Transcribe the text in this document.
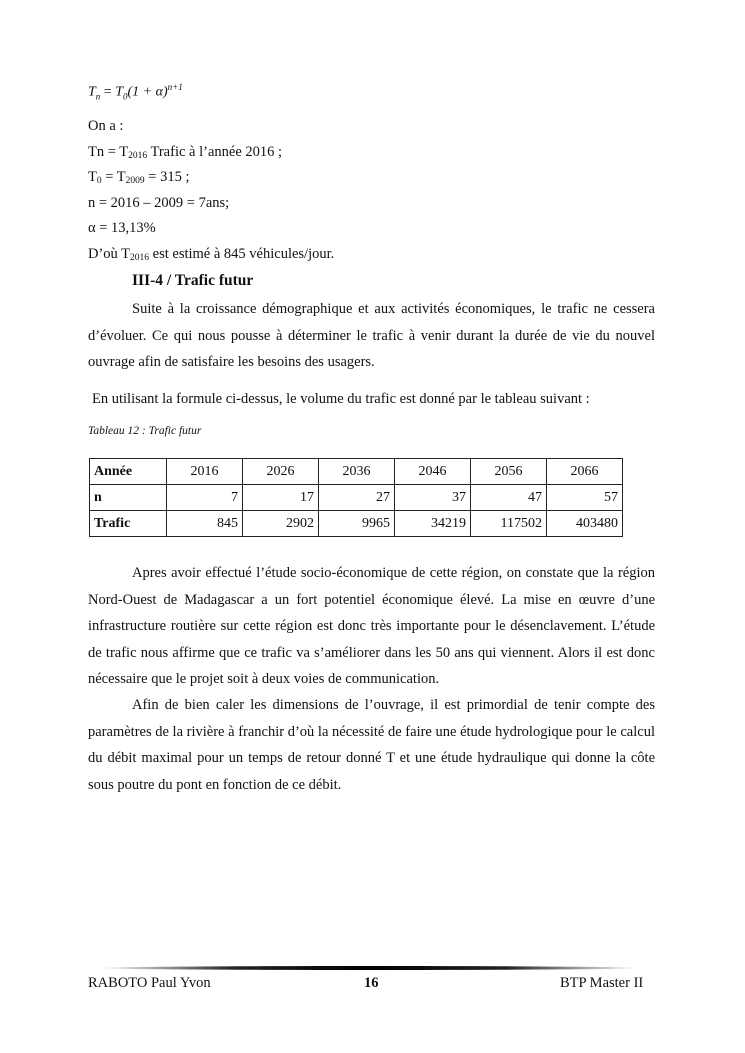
$T_n = T_0(1 + \alpha)^{n+1}$
On a :
$Tn = T_{2016}$ Trafic à l’année 2016 ;
$T_0 = T_{2009} = 315$ ;
n = 2016 – 2009 = 7ans;
α = 13,13%
D’où $T_{2016}$ est estimé à 845 véhicules/jour.
III-4 / Trafic futur

Suite à la croissance démographique et aux activités économiques, le trafic ne cessera d’évoluer. Ce qui nous pousse à déterminer le trafic à venir durant la durée de vie du nouvel ouvrage afin de satisfaire les besoins des usagers.

En utilisant la formule ci-dessus, le volume du trafic est donné par le tableau suivant :
Tableau 12 : Trafic futur
Année	2016	2026	2036	2046	2056	2066
n	7	17	27	37	47	57
Trafic	845	2902	9965	34219	117502	403480

Apres avoir effectué l’étude socio-économique de cette région, on constate que la région Nord-Ouest de Madagascar a un fort potentiel économique élevé. La mise en œuvre d’une infrastructure routière sur cette région est donc très importante pour le désenclavement. L’étude de trafic nous affirme que ce trafic va s’améliorer dans les 50 ans qui viennent. Alors il est donc nécessaire que le projet soit à deux voies de communication.

Afin de bien caler les dimensions de l’ouvrage, il est primordial de tenir compte des paramètres de la rivière à franchir d’où la nécessité de faire une étude hydrologique pour le calcul du débit maximal pour un temps de retour donné T et une étude hydraulique qui donne la côte sous poutre du pont en fonction de ce débit.

RABOTO Paul Yvon	16	BTP Master II
